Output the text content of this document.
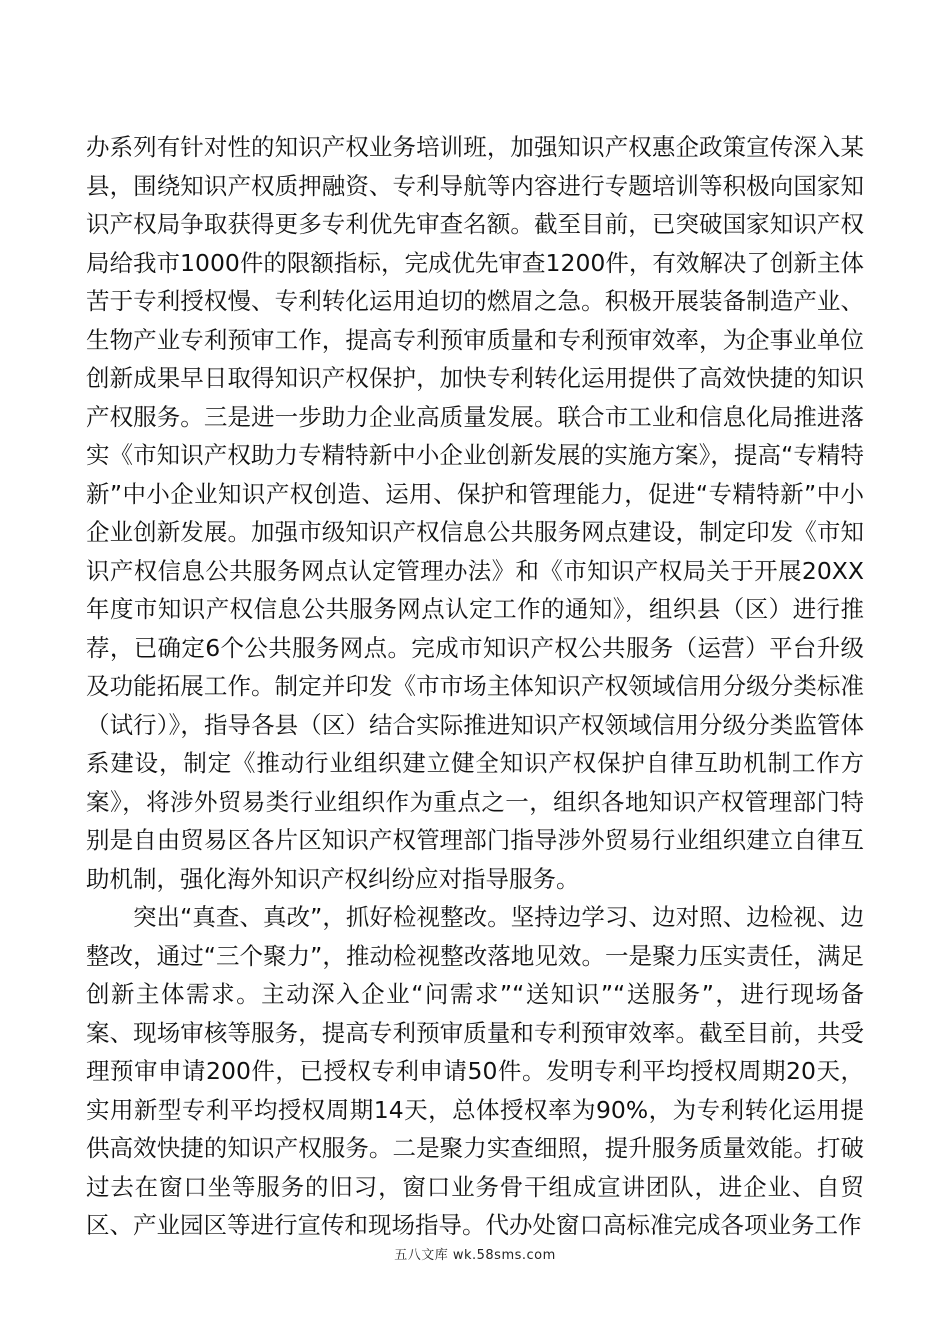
办系列有针对性的知识产权业务培训班，加强知识产权惠企政策宣传深入某县，围绕知识产权质押融资、专利导航等内容进行专题培训等积极向国家知识产权局争取获得更多专利优先审查名额。截至目前，已突破国家知识产权局给我市1000件的限额指标，完成优先审查1200件，有效解决了创新主体苦于专利授权慢、专利转化运用迫切的燃眉之急。积极开展装备制造产业、生物产业专利预审工作，提高专利预审质量和专利预审效率，为企事业单位创新成果早日取得知识产权保护，加快专利转化运用提供了高效快捷的知识产权服务。三是进一步助力企业高质量发展。联合市工业和信息化局推进落实《市知识产权助力专精特新中小企业创新发展的实施方案》，提高“专精特新”中小企业知识产权创造、运用、保护和管理能力，促进“专精特新”中小企业创新发展。加强市级知识产权信息公共服务网点建设，制定印发《市知识产权信息公共服务网点认定管理办法》和《市知识产权局关于开展20XX年度市知识产权信息公共服务网点认定工作的通知》，组织县（区）进行推荐，已确定6个公共服务网点。完成市知识产权公共服务（运营）平台升级及功能拓展工作。制定并印发《市市场主体知识产权领域信用分级分类标准（试行）》，指导各县（区）结合实际推进知识产权领域信用分级分类监管体系建设，制定《推动行业组织建立健全知识产权保护自律互助机制工作方案》，将涉外贸易类行业组织作为重点之一，组织各地知识产权管理部门特别是自由贸易区各片区知识产权管理部门指导涉外贸易行业组织建立自律互助机制，强化海外知识产权纠纷应对指导服务。

突出“真查、真改”，抓好检视整改。坚持边学习、边对照、边检视、边整改，通过“三个聚力”，推动检视整改落地见效。一是聚力压实责任，满足创新主体需求。主动深入企业“问需求”“送知识”“送服务”，进行现场备案、现场审核等服务，提高专利预审质量和专利预审效率。截至目前，共受理预审申请200件，已授权专利申请50件。发明专利平均授权周期20天，实用新型专利平均授权周期14天，总体授权率为90%，为专利转化运用提供高效快捷的知识产权服务。二是聚力实查细照，提升服务质量效能。打破过去在窗口坐等服务的旧习，窗口业务骨干组成宣讲团队，进企业、自贸区、产业园区等进行宣传和现场指导。代办处窗口高标准完成各项业务工作

五八文库 wk.58sms.com
